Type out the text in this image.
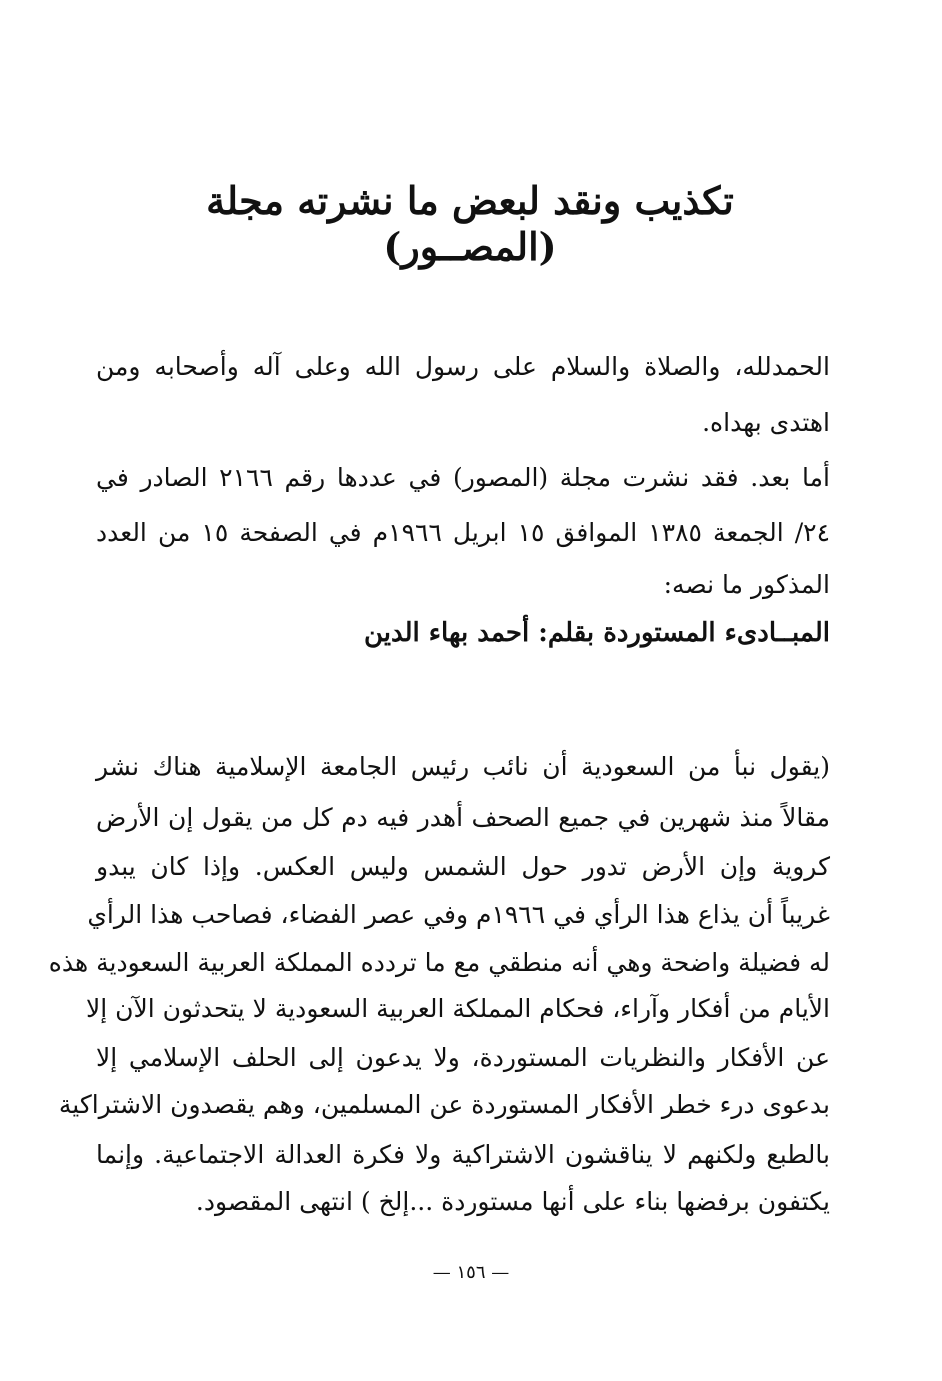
تكذيب ونقد لبعض ما نشرته مجلة (المصــور)

الحمدلله، والصلاة والسلام على رسول الله وعلى آله وأصحابه ومن

اهتدى بهداه.

أما بعد. فقد نشرت مجلة (المصور) في عددها رقم ٢١٦٦ الصادر في

٢٤/ الجمعة ١٣٨٥ الموافق ١٥ ابريل ١٩٦٦م في الصفحة ١٥ من العدد

المذكور ما نصه:

المبــادىء المستوردة بقلم: أحمد بهاء الدين

(يقول نبأ من السعودية أن نائب رئيس الجامعة الإسلامية هناك نشر

مقالاً منذ شهرين في جميع الصحف أهدر فيه دم كل من يقول إن الأرض

كروية وإن الأرض تدور حول الشمس وليس العكس. وإذا كان يبدو

غريباً أن يذاع هذا الرأي في ١٩٦٦م وفي عصر الفضاء، فصاحب هذا الرأي

له فضيلة واضحة وهي أنه منطقي مع ما تردده المملكة العربية السعودية هذه

الأيام من أفكار وآراء، فحكام المملكة العربية السعودية لا يتحدثون الآن إلا

عن الأفكار والنظريات المستوردة، ولا يدعون إلى الحلف الإسلامي إلا

بدعوى درء خطر الأفكار المستوردة عن المسلمين، وهم يقصدون الاشتراكية

بالطبع ولكنهم لا يناقشون الاشتراكية ولا فكرة العدالة الاجتماعية. وإنما

يكتفون برفضها بناء على أنها مستوردة ...إلخ ) انتهى المقصود.

— ١٥٦ —
